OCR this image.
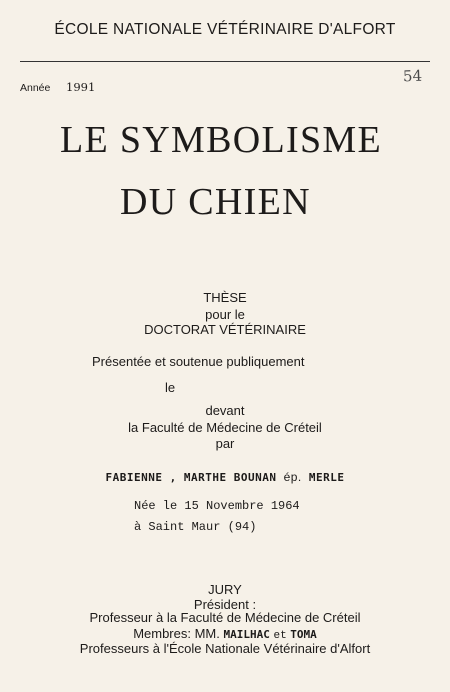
ÉCOLE NATIONALE VÉTÉRINAIRE D'ALFORT
Année 1991
54
LE SYMBOLISME
DU CHIEN
THÈSE
pour le
DOCTORAT VÉTÉRINAIRE
Présentée et soutenue publiquement
le
devant
la Faculté de Médecine de Créteil
par
FABIENNE , MARTHE BOUNAN ép. MERLE
Née le 15 Novembre 1964
à Saint Maur (94)
JURY
Président :
Professeur à la Faculté de Médecine de Créteil
Membres: MM. MAILHAC et TOMA
Professeurs à l'École Nationale Vétérinaire d'Alfort
